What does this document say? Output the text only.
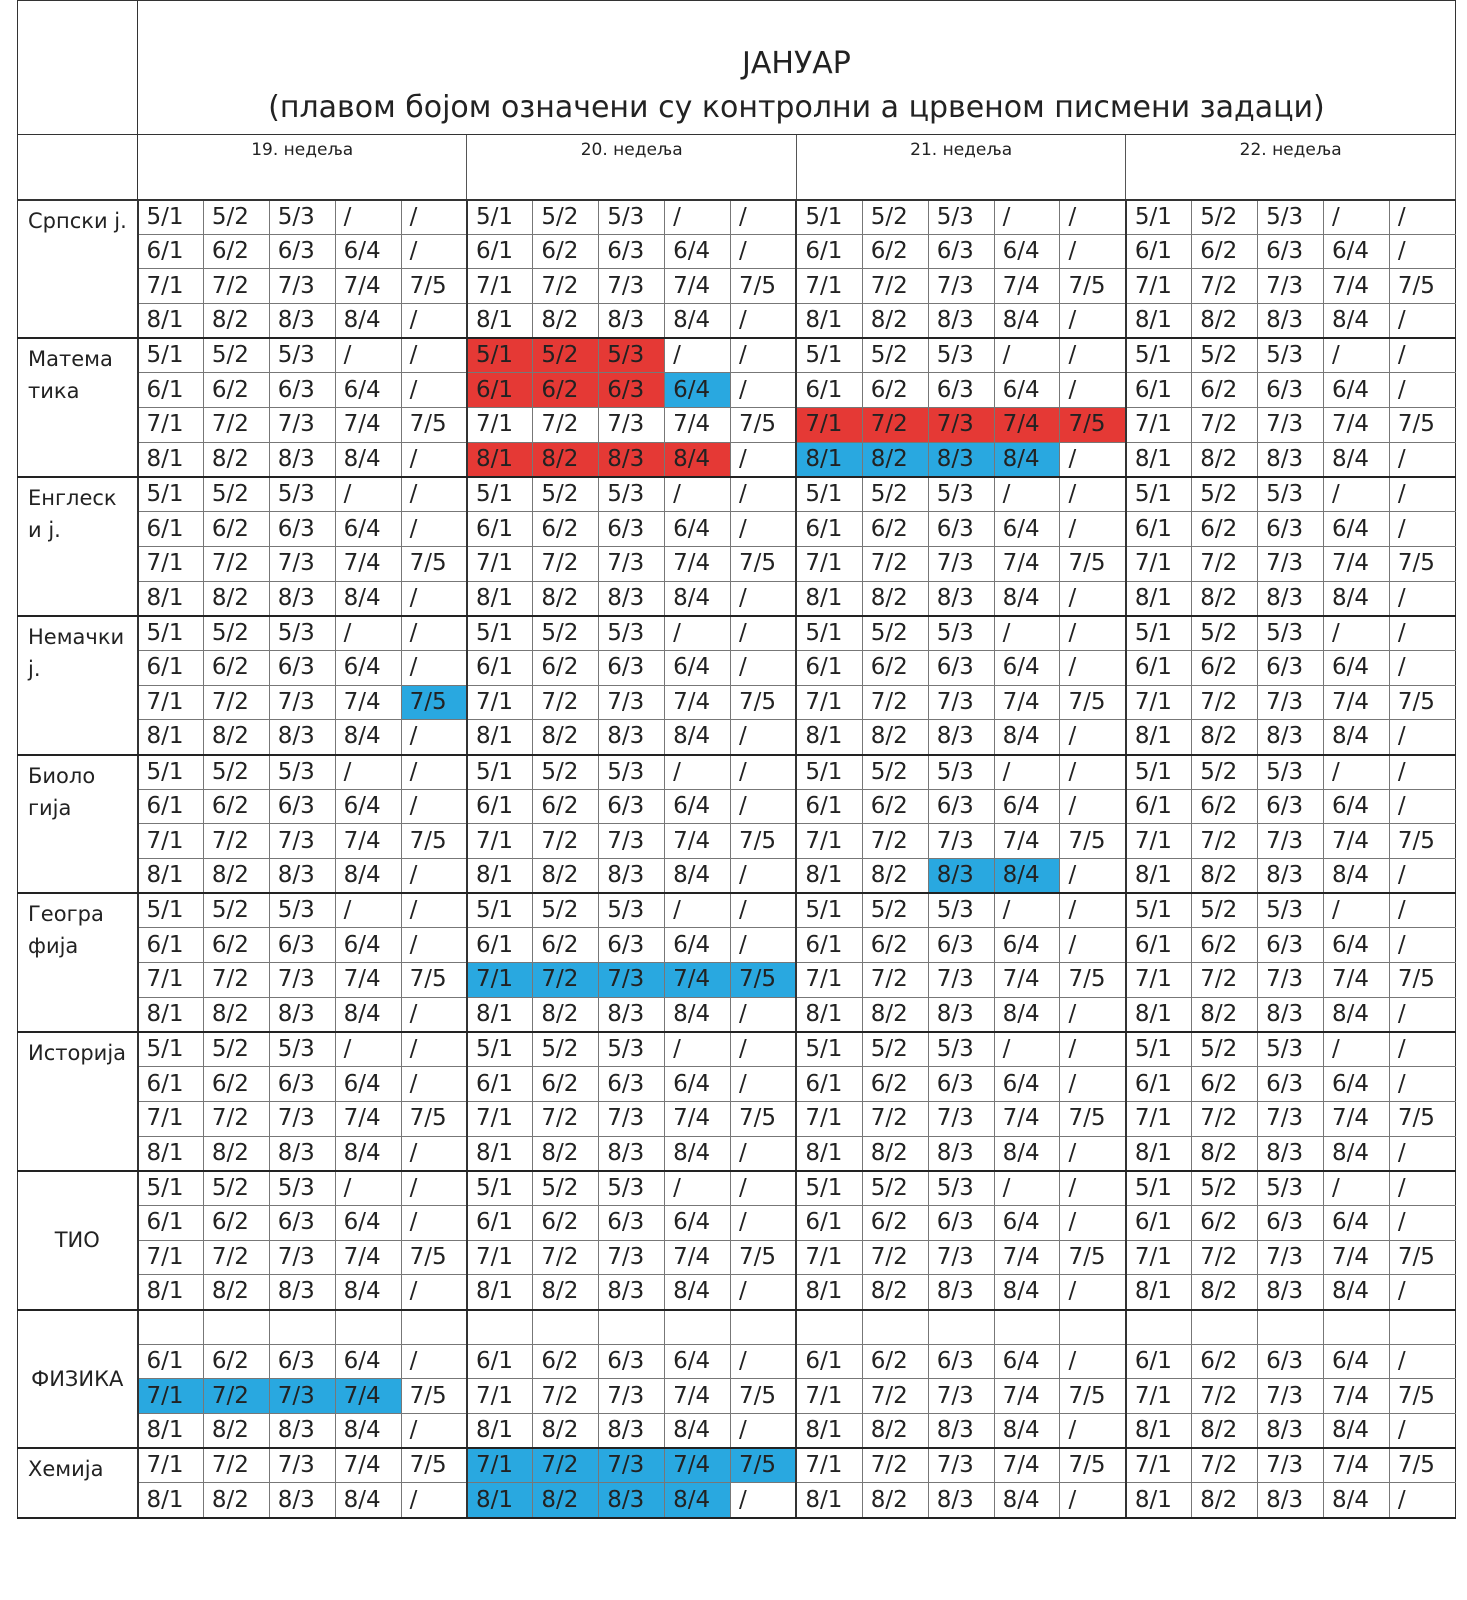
	ЈАНУАР
(плавом бојом означени су контролни а црвеном писмени задаци)																			

	19. недеља					20. недеља					21. недеља					22. недеља				
Српски ј.	5/1	5/2	5/3	/	/	5/1	5/2	5/3	/	/	5/1	5/2	5/3	/	/	5/1	5/2	5/3	/	/
	6/1	6/2	6/3	6/4	/	6/1	6/2	6/3	6/4	/	6/1	6/2	6/3	6/4	/	6/1	6/2	6/3	6/4	/
	7/1	7/2	7/3	7/4	7/5	7/1	7/2	7/3	7/4	7/5	7/1	7/2	7/3	7/4	7/5	7/1	7/2	7/3	7/4	7/5
	8/1	8/2	8/3	8/4	/	8/1	8/2	8/3	8/4	/	8/1	8/2	8/3	8/4	/	8/1	8/2	8/3	8/4	/
Матема тика	5/1	5/2	5/3	/	/	5/1	5/2	5/3	/	/	5/1	5/2	5/3	/	/	5/1	5/2	5/3	/	/
	6/1	6/2	6/3	6/4	/	6/1	6/2	6/3	6/4	/	6/1	6/2	6/3	6/4	/	6/1	6/2	6/3	6/4	/
	7/1	7/2	7/3	7/4	7/5	7/1	7/2	7/3	7/4	7/5	7/1	7/2	7/3	7/4	7/5	7/1	7/2	7/3	7/4	7/5
	8/1	8/2	8/3	8/4	/	8/1	8/2	8/3	8/4	/	8/1	8/2	8/3	8/4	/	8/1	8/2	8/3	8/4	/
Енглеск и ј.	5/1	5/2	5/3	/	/	5/1	5/2	5/3	/	/	5/1	5/2	5/3	/	/	5/1	5/2	5/3	/	/
	6/1	6/2	6/3	6/4	/	6/1	6/2	6/3	6/4	/	6/1	6/2	6/3	6/4	/	6/1	6/2	6/3	6/4	/
	7/1	7/2	7/3	7/4	7/5	7/1	7/2	7/3	7/4	7/5	7/1	7/2	7/3	7/4	7/5	7/1	7/2	7/3	7/4	7/5
	8/1	8/2	8/3	8/4	/	8/1	8/2	8/3	8/4	/	8/1	8/2	8/3	8/4	/	8/1	8/2	8/3	8/4	/
Немачки ј.	5/1	5/2	5/3	/	/	5/1	5/2	5/3	/	/	5/1	5/2	5/3	/	/	5/1	5/2	5/3	/	/
	6/1	6/2	6/3	6/4	/	6/1	6/2	6/3	6/4	/	6/1	6/2	6/3	6/4	/	6/1	6/2	6/3	6/4	/
	7/1	7/2	7/3	7/4	7/5	7/1	7/2	7/3	7/4	7/5	7/1	7/2	7/3	7/4	7/5	7/1	7/2	7/3	7/4	7/5
	8/1	8/2	8/3	8/4	/	8/1	8/2	8/3	8/4	/	8/1	8/2	8/3	8/4	/	8/1	8/2	8/3	8/4	/
Биоло гија	5/1	5/2	5/3	/	/	5/1	5/2	5/3	/	/	5/1	5/2	5/3	/	/	5/1	5/2	5/3	/	/
	6/1	6/2	6/3	6/4	/	6/1	6/2	6/3	6/4	/	6/1	6/2	6/3	6/4	/	6/1	6/2	6/3	6/4	/
	7/1	7/2	7/3	7/4	7/5	7/1	7/2	7/3	7/4	7/5	7/1	7/2	7/3	7/4	7/5	7/1	7/2	7/3	7/4	7/5
	8/1	8/2	8/3	8/4	/	8/1	8/2	8/3	8/4	/	8/1	8/2	8/3	8/4	/	8/1	8/2	8/3	8/4	/
Геогра фија	5/1	5/2	5/3	/	/	5/1	5/2	5/3	/	/	5/1	5/2	5/3	/	/	5/1	5/2	5/3	/	/
	6/1	6/2	6/3	6/4	/	6/1	6/2	6/3	6/4	/	6/1	6/2	6/3	6/4	/	6/1	6/2	6/3	6/4	/
	7/1	7/2	7/3	7/4	7/5	7/1	7/2	7/3	7/4	7/5	7/1	7/2	7/3	7/4	7/5	7/1	7/2	7/3	7/4	7/5
	8/1	8/2	8/3	8/4	/	8/1	8/2	8/3	8/4	/	8/1	8/2	8/3	8/4	/	8/1	8/2	8/3	8/4	/
Историја	5/1	5/2	5/3	/	/	5/1	5/2	5/3	/	/	5/1	5/2	5/3	/	/	5/1	5/2	5/3	/	/
	6/1	6/2	6/3	6/4	/	6/1	6/2	6/3	6/4	/	6/1	6/2	6/3	6/4	/	6/1	6/2	6/3	6/4	/
	7/1	7/2	7/3	7/4	7/5	7/1	7/2	7/3	7/4	7/5	7/1	7/2	7/3	7/4	7/5	7/1	7/2	7/3	7/4	7/5
	8/1	8/2	8/3	8/4	/	8/1	8/2	8/3	8/4	/	8/1	8/2	8/3	8/4	/	8/1	8/2	8/3	8/4	/
ТИО	5/1	5/2	5/3	/	/	5/1	5/2	5/3	/	/	5/1	5/2	5/3	/	/	5/1	5/2	5/3	/	/
	6/1	6/2	6/3	6/4	/	6/1	6/2	6/3	6/4	/	6/1	6/2	6/3	6/4	/	6/1	6/2	6/3	6/4	/
	7/1	7/2	7/3	7/4	7/5	7/1	7/2	7/3	7/4	7/5	7/1	7/2	7/3	7/4	7/5	7/1	7/2	7/3	7/4	7/5
	8/1	8/2	8/3	8/4	/	8/1	8/2	8/3	8/4	/	8/1	8/2	8/3	8/4	/	8/1	8/2	8/3	8/4	/
ФИЗИКА																				
	6/1	6/2	6/3	6/4	/	6/1	6/2	6/3	6/4	/	6/1	6/2	6/3	6/4	/	6/1	6/2	6/3	6/4	/
	7/1	7/2	7/3	7/4	7/5	7/1	7/2	7/3	7/4	7/5	7/1	7/2	7/3	7/4	7/5	7/1	7/2	7/3	7/4	7/5
	8/1	8/2	8/3	8/4	/	8/1	8/2	8/3	8/4	/	8/1	8/2	8/3	8/4	/	8/1	8/2	8/3	8/4	/
Хемија	7/1	7/2	7/3	7/4	7/5	7/1	7/2	7/3	7/4	7/5	7/1	7/2	7/3	7/4	7/5	7/1	7/2	7/3	7/4	7/5
	8/1	8/2	8/3	8/4	/	8/1	8/2	8/3	8/4	/	8/1	8/2	8/3	8/4	/	8/1	8/2	8/3	8/4	/
